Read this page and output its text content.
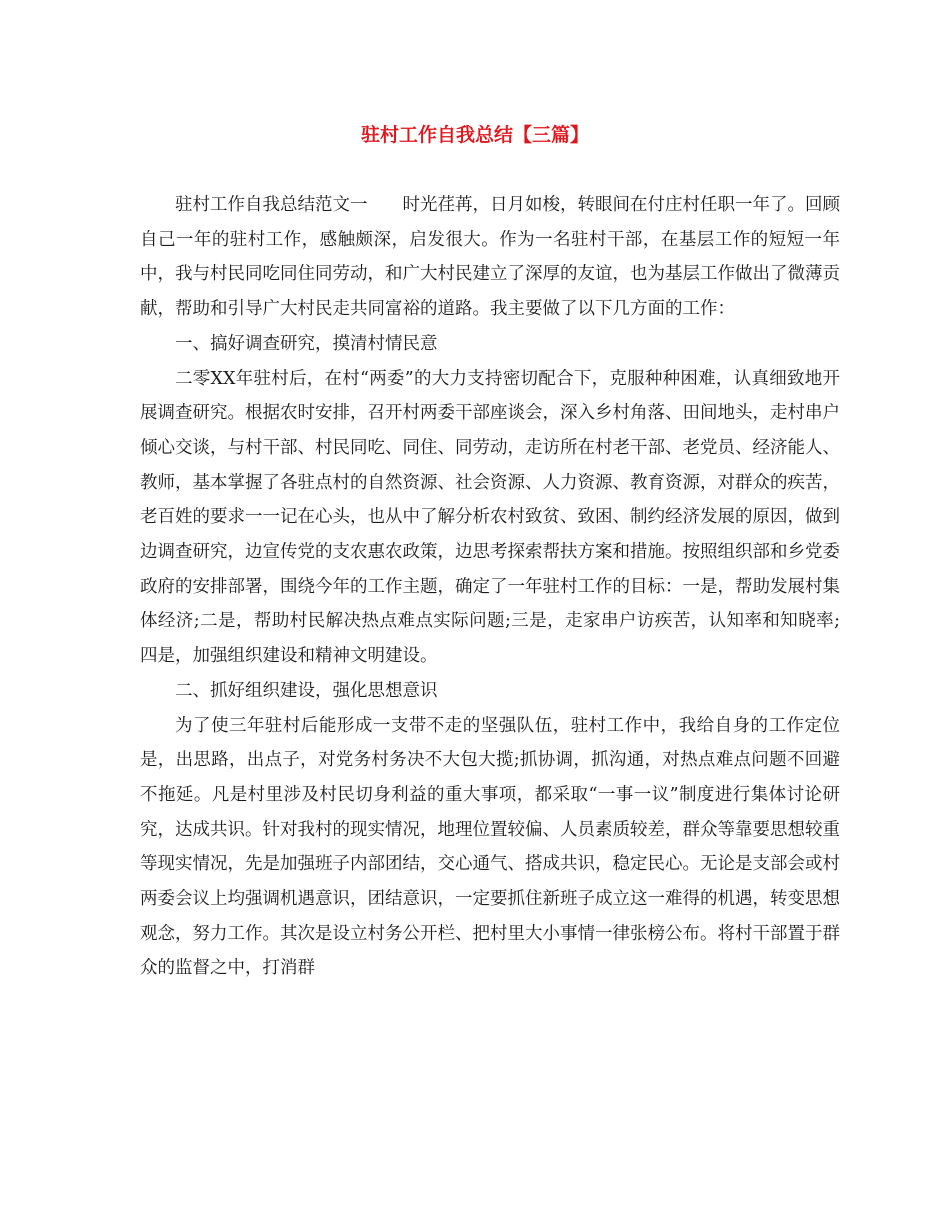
驻村工作自我总结【三篇】

驻村工作自我总结范文一 时光荏苒，日月如梭，转眼间在付庄村任职一年了。回顾自己一年的驻村工作，感触颇深，启发很大。作为一名驻村干部，在基层工作的短短一年中，我与村民同吃同住同劳动，和广大村民建立了深厚的友谊，也为基层工作做出了微薄贡献，帮助和引导广大村民走共同富裕的道路。我主要做了以下几方面的工作：

一、搞好调查研究，摸清村情民意

二零XX年驻村后，在村“两委”的大力支持密切配合下，克服种种困难，认真细致地开展调查研究。根据农时安排，召开村两委干部座谈会，深入乡村角落、田间地头，走村串户倾心交谈，与村干部、村民同吃、同住、同劳动，走访所在村老干部、老党员、经济能人、教师，基本掌握了各驻点村的自然资源、社会资源、人力资源、教育资源，对群众的疾苦，老百姓的要求一一记在心头，也从中了解分析农村致贫、致困、制约经济发展的原因，做到边调查研究，边宣传党的支农惠农政策，边思考探索帮扶方案和措施。按照组织部和乡党委政府的安排部署，围绕今年的工作主题，确定了一年驻村工作的目标：一是，帮助发展村集体经济;二是，帮助村民解决热点难点实际问题;三是，走家串户访疾苦，认知率和知晓率;四是，加强组织建设和精神文明建设。

二、抓好组织建设，强化思想意识

为了使三年驻村后能形成一支带不走的坚强队伍，驻村工作中，我给自身的工作定位是，出思路，出点子，对党务村务决不大包大揽;抓协调，抓沟通，对热点难点问题不回避不拖延。凡是村里涉及村民切身利益的重大事项，都采取“一事一议”制度进行集体讨论研究，达成共识。针对我村的现实情况，地理位置较偏、人员素质较差，群众等靠要思想较重等现实情况，先是加强班子内部团结，交心通气、搭成共识，稳定民心。无论是支部会或村两委会议上均强调机遇意识，团结意识，一定要抓住新班子成立这一难得的机遇，转变思想观念，努力工作。其次是设立村务公开栏、把村里大小事情一律张榜公布。将村干部置于群众的监督之中，打消群
